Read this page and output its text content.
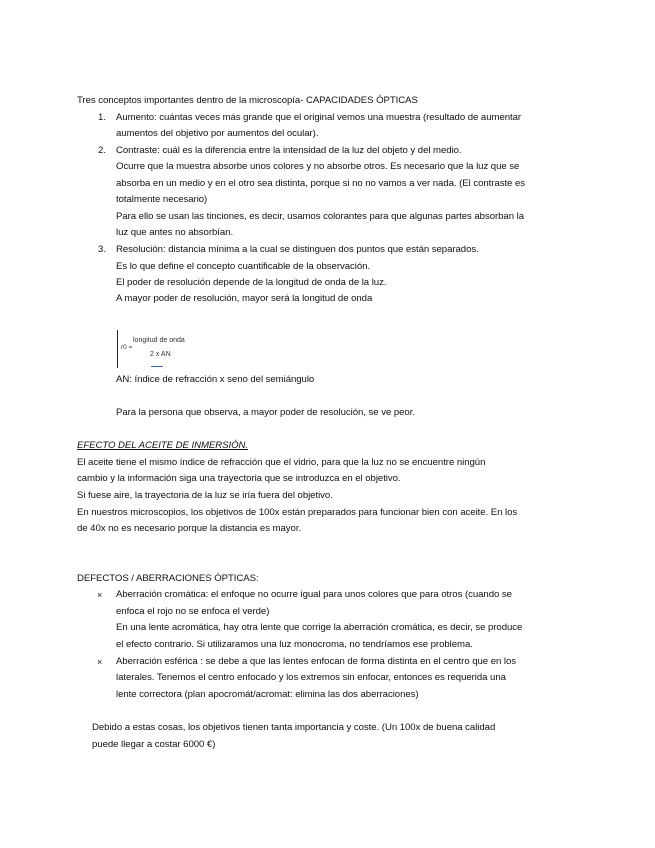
Tres conceptos importantes dentro de la microscopía- CAPACIDADES ÓPTICAS
1. Aumento: cuántas veces más grande que el original vemos una muestra (resultado de aumentar
aumentos del objetivo por aumentos del ocular).
2. Contraste: cuál es la diferencia entre la intensidad de la luz del objeto y del medio.
Ocurre que la muestra absorbe unos colores y no absorbe otros. Es necesario que la luz que se
absorba en un medio y en el otro sea distinta, porque si no no vamos a ver nada. (El contraste es
totalmente necesario)
Para ello se usan las tinciones, es decir, usamos colorantes para que algunas partes absorban la
luz que antes no absorbían.
3. Resolución: distancia mínima a la cual se distinguen dos puntos que están separados.
Es lo que define el concepto cuantificable de la observación.
El poder de resolución depende de la longitud de onda de la luz.
A mayor poder de resolución, mayor será la longitud de onda
r0 =
longitud de onda
2 x AN
AN: índice de refracción x seno del semiángulo
Para la persona que observa, a mayor poder de resolución, se ve peor.
EFECTO DEL ACEITE DE INMERSIÓN.
El aceite tiene el mismo índice de refracción que el vidrio, para que la luz no se encuentre ningún
cambio y la información siga una trayectoria que se introduzca en el objetivo.
Si fuese aire, la trayectoria de la luz se iría fuera del objetivo.
En nuestros microscopios, los objetivos de 100x están preparados para funcionar bien con aceite. En los
de 40x no es necesario porque la distancia es mayor.
DEFECTOS / ABERRACIONES ÓPTICAS:
× Aberración cromática: el enfoque no ocurre igual para unos colores que para otros (cuando se
enfoca el rojo no se enfoca el verde)
En una lente acromática, hay otra lente que corrige la aberración cromática, es decir, se produce
el efecto contrario. Si utilizaramos una luz monocroma, no tendríamos ese problema.
× Aberración esférica : se debe a que las lentes enfocan de forma distinta en el centro que en los
laterales. Tenemos el centro enfocado y los extremos sin enfocar, entonces es requerida una
lente correctora (plan apocromát/acromat: elimina las dos aberraciones)
Debido a estas cosas, los objetivos tienen tanta importancia y coste. (Un 100x de buena calidad
puede llegar a costar 6000 €)
